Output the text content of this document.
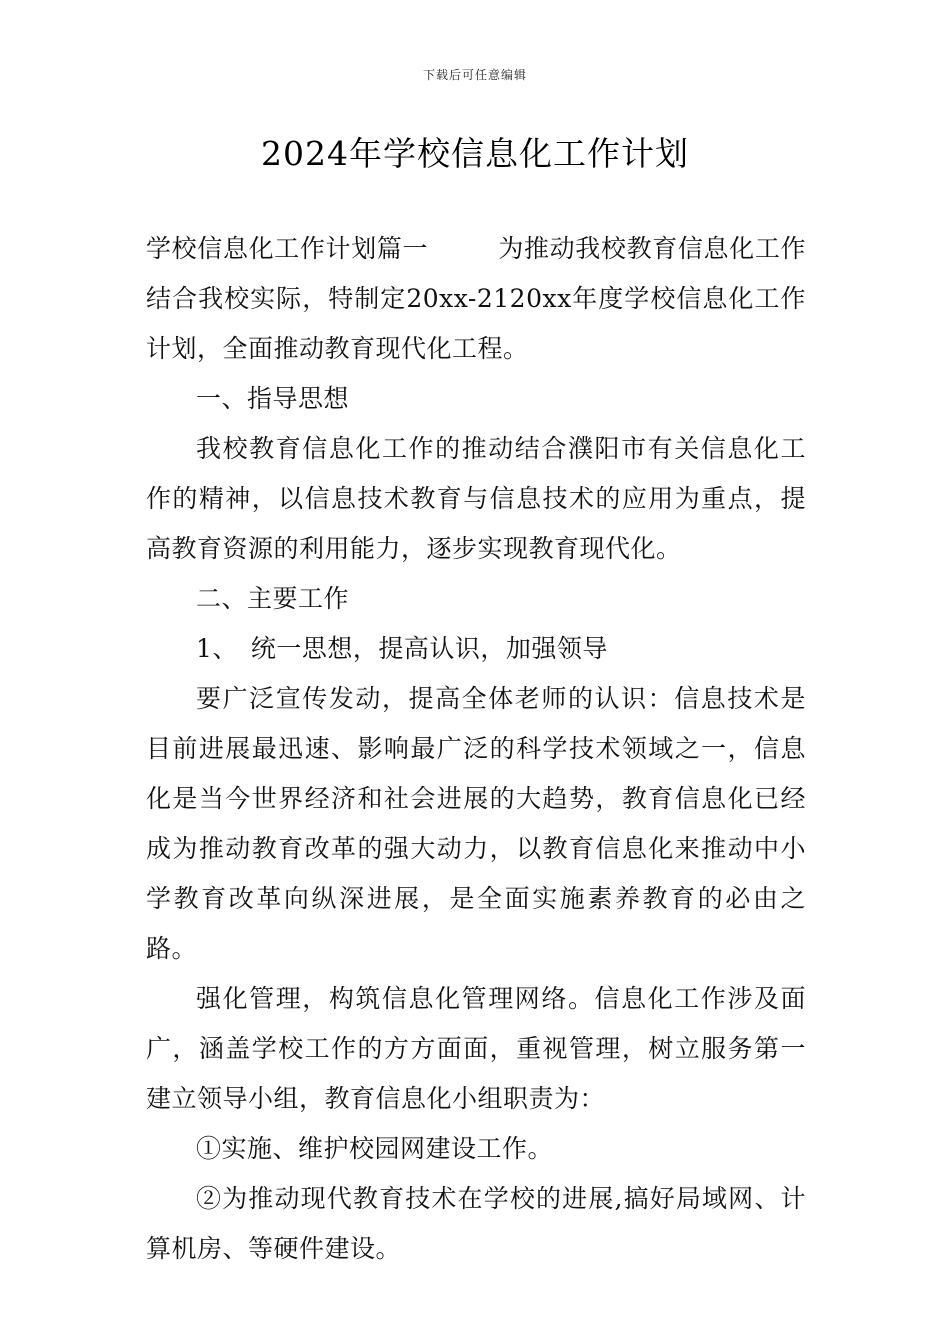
下载后可任意编辑
2024年学校信息化工作计划

学校信息化工作计划篇一	为推动我校教育信息化工作结合我校实际，特制定20xx-2120xx年度学校信息化工作计划，全面推动教育现代化工程。

一、指导思想

我校教育信息化工作的推动结合濮阳市有关信息化工作的精神，以信息技术教育与信息技术的应用为重点，提高教育资源的利用能力，逐步实现教育现代化。

二、主要工作

1、　统一思想，提高认识，加强领导

要广泛宣传发动，提高全体老师的认识：信息技术是目前进展最迅速、影响最广泛的科学技术领域之一，信息化是当今世界经济和社会进展的大趋势，教育信息化已经成为推动教育改革的强大动力，以教育信息化来推动中小学教育改革向纵深进展，是全面实施素养教育的必由之路。

强化管理，构筑信息化管理网络。信息化工作涉及面广，涵盖学校工作的方方面面，重视管理，树立服务第一建立领导小组，教育信息化小组职责为：

①实施、维护校园网建设工作。

②为推动现代教育技术在学校的进展,搞好局域网、计算机房、等硬件建设。
